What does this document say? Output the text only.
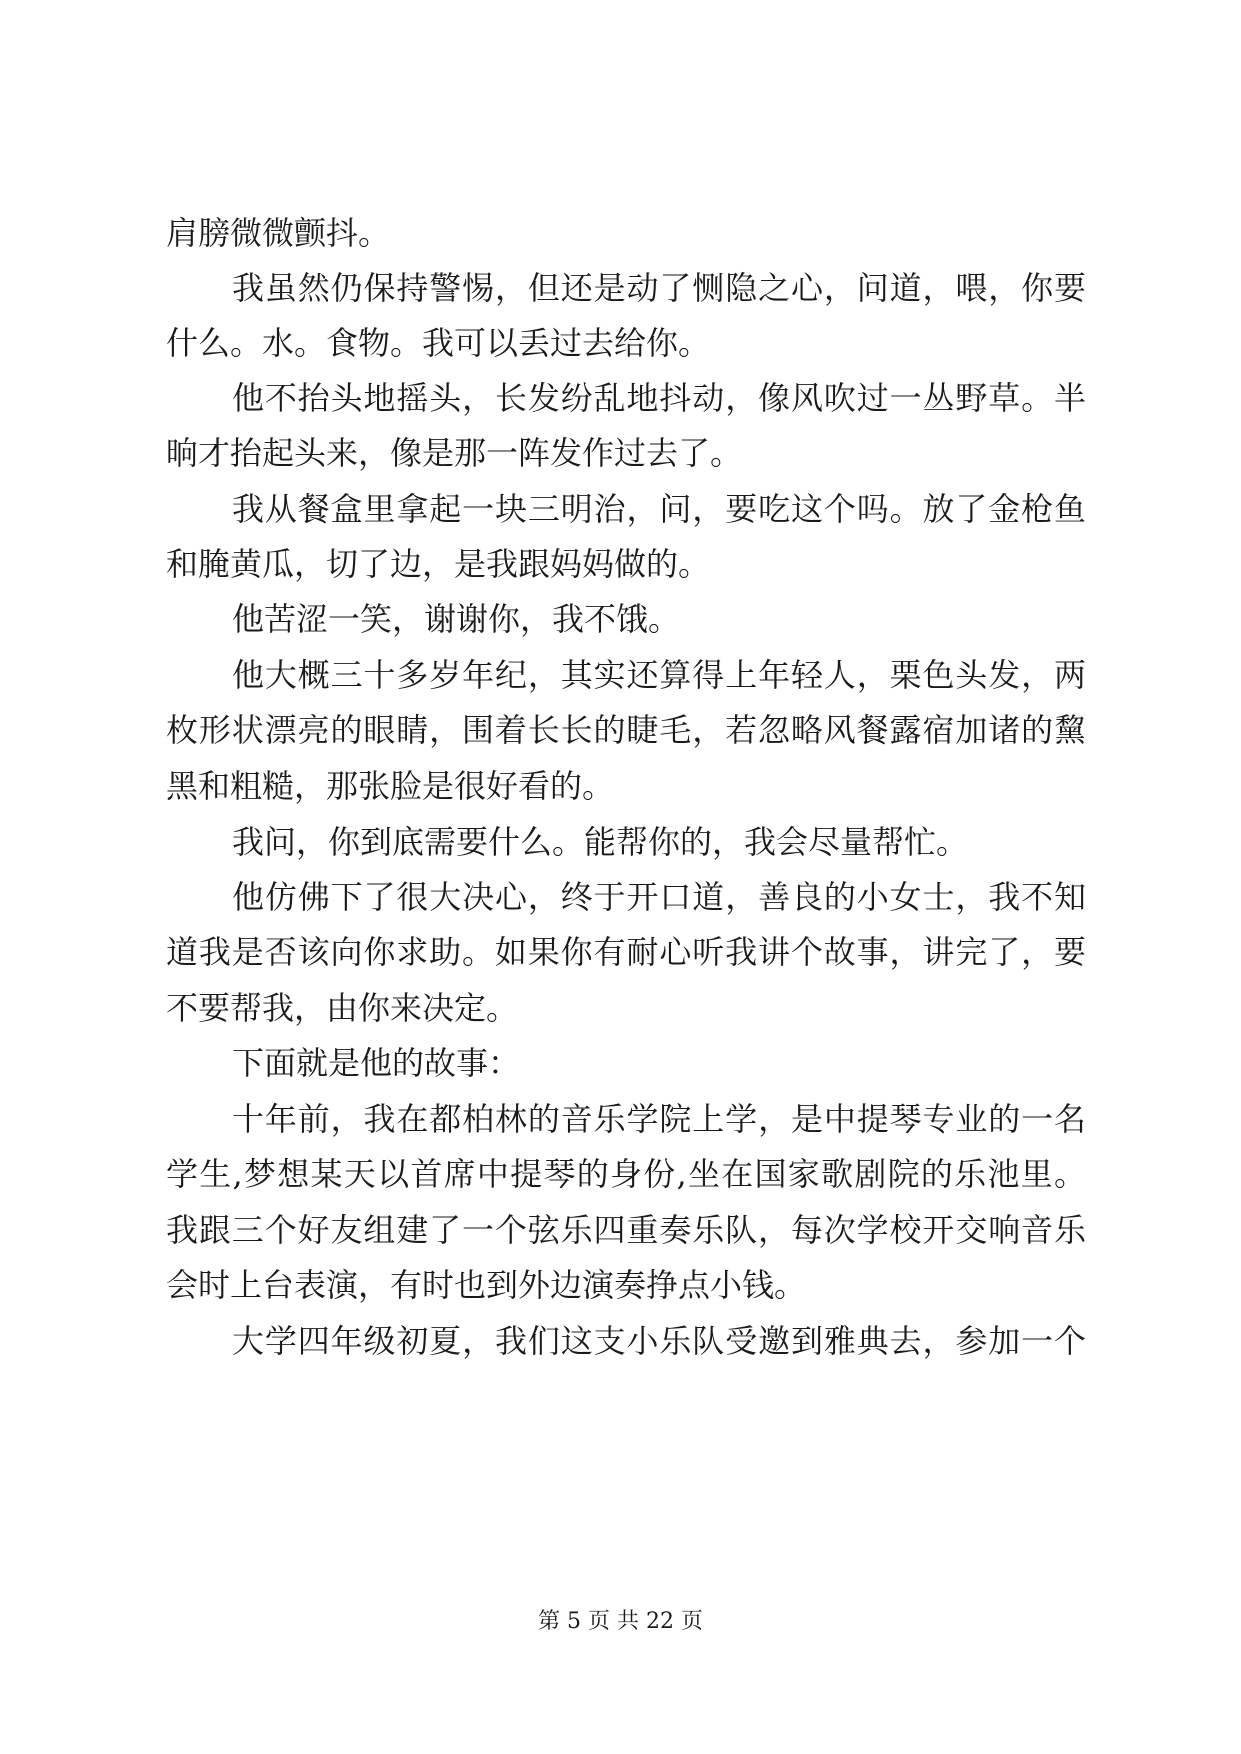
肩膀微微颤抖。
我虽然仍保持警惕，但还是动了恻隐之心，问道，喂，你要
什么。水。食物。我可以丢过去给你。
他不抬头地摇头，长发纷乱地抖动，像风吹过一丛野草。半
晌才抬起头来，像是那一阵发作过去了。
我从餐盒里拿起一块三明治，问，要吃这个吗。放了金枪鱼
和腌黄瓜，切了边，是我跟妈妈做的。
他苦涩一笑，谢谢你，我不饿。
他大概三十多岁年纪，其实还算得上年轻人，栗色头发，两
枚形状漂亮的眼睛，围着长长的睫毛，若忽略风餐露宿加诸的黧
黑和粗糙，那张脸是很好看的。
我问，你到底需要什么。能帮你的，我会尽量帮忙。
他仿佛下了很大决心，终于开口道，善良的小女士，我不知
道我是否该向你求助。如果你有耐心听我讲个故事，讲完了，要
不要帮我，由你来决定。
下面就是他的故事：
十年前，我在都柏林的音乐学院上学，是中提琴专业的一名
学生,梦想某天以首席中提琴的身份,坐在国家歌剧院的乐池里。
我跟三个好友组建了一个弦乐四重奏乐队，每次学校开交响音乐
会时上台表演，有时也到外边演奏挣点小钱。
大学四年级初夏，我们这支小乐队受邀到雅典去，参加一个
第 5 页 共 22 页
